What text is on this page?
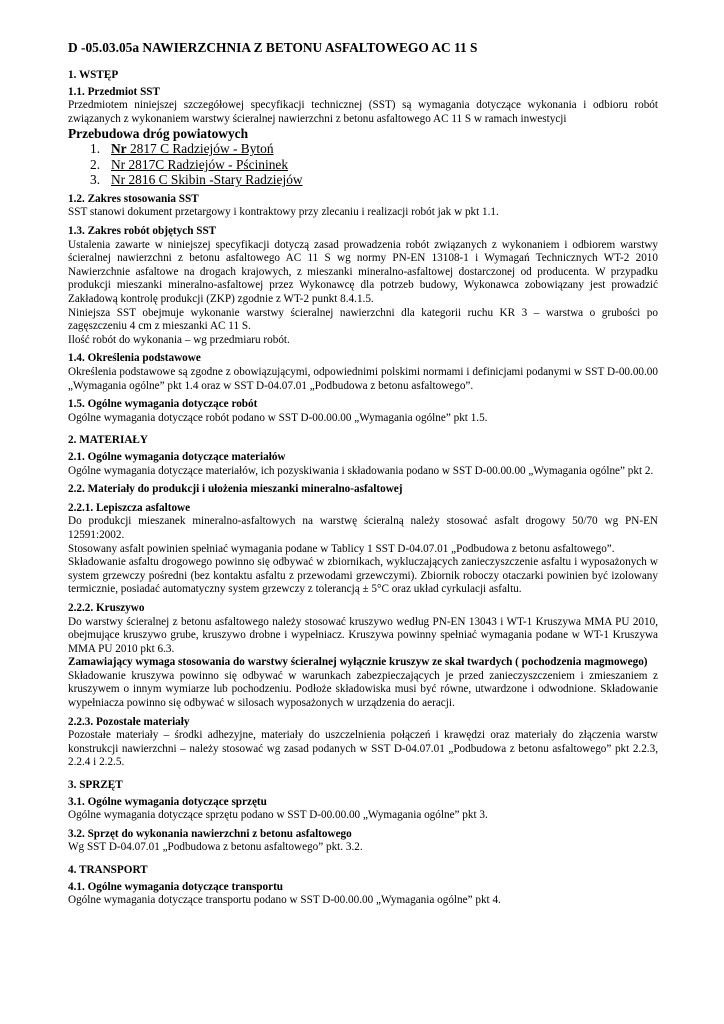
D -05.03.05a NAWIERZCHNIA Z BETONU ASFALTOWEGO AC 11 S
1. WSTĘP
1.1. Przedmiot SST
Przedmiotem niniejszej szczegółowej specyfikacji technicznej (SST) są wymagania dotyczące wykonania i odbioru robót związanych z wykonaniem warstwy ścieralnej nawierzchni z betonu asfaltowego AC 11 S w ramach inwestycji
Przebudowa dróg powiatowych
1. Nr 2817 C Radziejów - Bytoń
2. Nr 2817C Radziejów - Pścininek
3. Nr 2816 C Skibin -Stary Radziejów
1.2. Zakres stosowania SST
SST stanowi dokument przetargowy i kontraktowy przy zlecaniu i realizacji robót jak w pkt 1.1.
1.3. Zakres robót objętych SST
Ustalenia zawarte w niniejszej specyfikacji dotyczą zasad prowadzenia robót związanych z wykonaniem i odbiorem warstwy ścieralnej nawierzchni z betonu asfaltowego AC 11 S wg normy PN-EN 13108-1 i Wymagań Technicznych WT-2 2010 Nawierzchnie asfaltowe na drogach krajowych, z mieszanki mineralno-asfaltowej dostarczonej od producenta. W przypadku produkcji mieszanki mineralno-asfaltowej przez Wykonawcę dla potrzeb budowy, Wykonawca zobowiązany jest prowadzić Zakładową kontrolę produkcji (ZKP) zgodnie z WT-2 punkt 8.4.1.5.
Niniejsza SST obejmuje wykonanie warstwy ścieralnej nawierzchni dla kategorii ruchu KR 3 – warstwa o grubości po zagęszczeniu 4 cm z mieszanki AC 11 S.
Ilość robót do wykonania – wg przedmiaru robót.
1.4. Określenia podstawowe
Określenia podstawowe są zgodne z obowiązującymi, odpowiednimi polskimi normami i definicjami podanymi w SST D-00.00.00 „Wymagania ogólne” pkt 1.4 oraz w SST D-04.07.01 „Podbudowa z betonu asfaltowego”.
1.5. Ogólne wymagania dotyczące robót
Ogólne wymagania dotyczące robót podano w SST D-00.00.00 „Wymagania ogólne” pkt 1.5.
2. MATERIAŁY
2.1. Ogólne wymagania dotyczące materiałów
Ogólne wymagania dotyczące materiałów, ich pozyskiwania i składowania podano w SST D-00.00.00 „Wymagania ogólne” pkt 2.
2.2. Materiały do produkcji i ułożenia mieszanki mineralno-asfaltowej
2.2.1. Lepiszcza asfaltowe
Do produkcji mieszanek mineralno-asfaltowych na warstwę ścieralną należy stosować asfalt drogowy 50/70 wg PN-EN 12591:2002.
Stosowany asfalt powinien spełniać wymagania podane w Tablicy 1 SST D-04.07.01 „Podbudowa z betonu asfaltowego”.
Składowanie asfaltu drogowego powinno się odbywać w zbiornikach, wykluczających zanieczyszczenie asfaltu i wyposażonych w system grzewczy pośredni (bez kontaktu asfaltu z przewodami grzewczymi). Zbiornik roboczy otaczarki powinien być izolowany termicznie, posiadać automatyczny system grzewczy z tolerancją ± 5°C oraz układ cyrkulacji asfaltu.
2.2.2. Kruszywo
Do warstwy ścieralnej z betonu asfaltowego należy stosować kruszywo według PN-EN 13043 i WT-1 Kruszywa MMA PU 2010, obejmujące kruszywo grube, kruszywo drobne i wypełniacz. Kruszywa powinny spełniać wymagania podane w WT-1 Kruszywa MMA PU 2010 pkt 6.3.
Zamawiający wymaga stosowania do warstwy ścieralnej wyłącznie kruszyw ze skał twardych ( pochodzenia magmowego)
Składowanie kruszywa powinno się odbywać w warunkach zabezpieczających je przed zanieczyszczeniem i zmieszaniem z kruszywem o innym wymiarze lub pochodzeniu. Podłoże składowiska musi być równe, utwardzone i odwodnione. Składowanie wypełniacza powinno się odbywać w silosach wyposażonych w urządzenia do aeracji.
2.2.3. Pozostałe materiały
Pozostałe materiały – środki adhezyjne, materiały do uszczelnienia połączeń i krawędzi oraz materiały do złączenia warstw konstrukcji nawierzchni – należy stosować wg zasad podanych w SST D-04.07.01 „Podbudowa z betonu asfaltowego” pkt 2.2.3, 2.2.4 i 2.2.5.
3. SPRZĘT
3.1. Ogólne wymagania dotyczące sprzętu
Ogólne wymagania dotyczące sprzętu podano w SST D-00.00.00 „Wymagania ogólne” pkt 3.
3.2. Sprzęt do wykonania nawierzchni z betonu asfaltowego
Wg SST D-04.07.01 „Podbudowa z betonu asfaltowego” pkt. 3.2.
4. TRANSPORT
4.1. Ogólne wymagania dotyczące transportu
Ogólne wymagania dotyczące transportu podano w SST D-00.00.00 „Wymagania ogólne” pkt 4.
